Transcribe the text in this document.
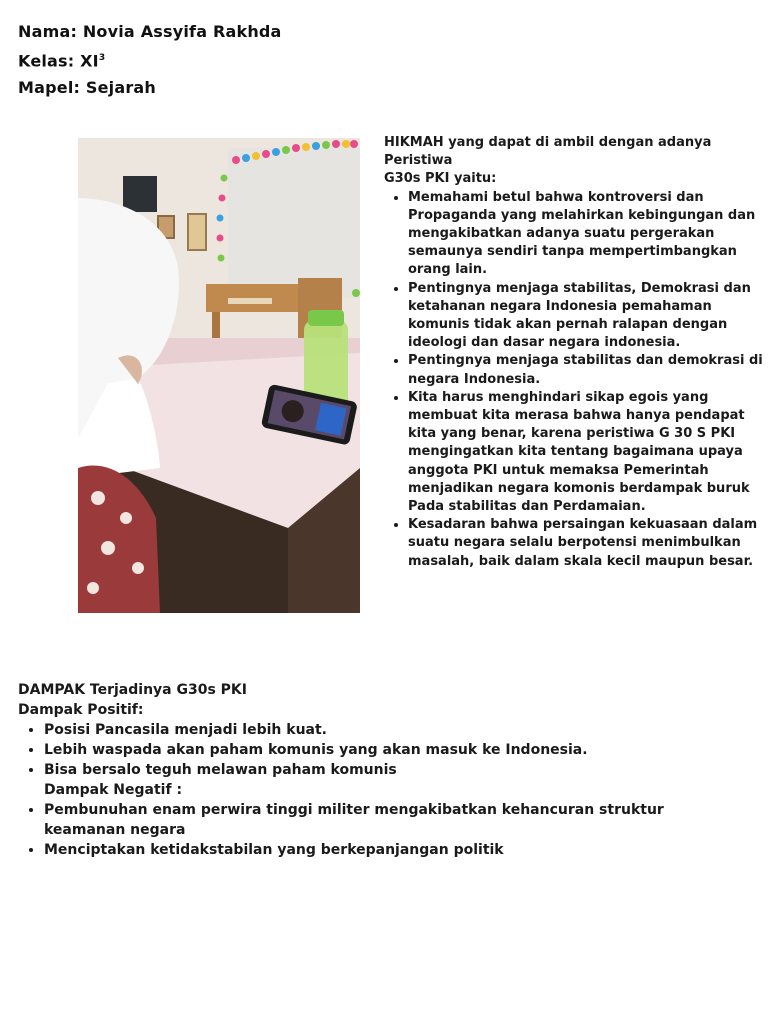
Nama: Novia Assyifa Rakhda
Kelas: $XI^3$
Mapel: Sejarah

HIKMAH yang dapat di ambil dengan adanya

Peristiwa

G30s PKI yaitu:

• Memahami betul bahwa kontroversi dan Propaganda yang melahirkan kebingungan dan mengakibatkan adanya suatu pergerakan semaunya sendiri tanpa mempertimbangkan orang lain.
• Pentingnya menjaga stabilitas, Demokrasi dan ketahanan negara Indonesia pemahaman komunis tidak akan pernah ralapan dengan ideologi dan dasar negara indonesia.
• Pentingnya menjaga stabilitas dan demokrasi di negara Indonesia.
• Kita harus menghindari sikap egois yang membuat kita merasa bahwa hanya pendapat kita yang benar, karena peristiwa G 30 S PKI mengingatkan kita tentang bagaimana upaya anggota PKI untuk memaksa Pemerintah menjadikan negara komonis berdampak buruk Pada stabilitas dan Perdamaian.
• Kesadaran bahwa persaingan kekuasaan dalam suatu negara selalu berpotensi menimbulkan masalah, baik dalam skala kecil maupun besar.

DAMPAK Terjadinya G30s PKI

Dampak Positif:

• Posisi Pancasila menjadi lebih kuat.
• Lebih waspada akan paham komunis yang akan masuk ke Indonesia.
• Bisa bersalo teguh melawan paham komunis

Dampak Negatif :

• Pembunuhan enam perwira tinggi militer mengakibatkan kehancuran struktur keamanan negara
• Menciptakan ketidakstabilan yang berkepanjangan politik
